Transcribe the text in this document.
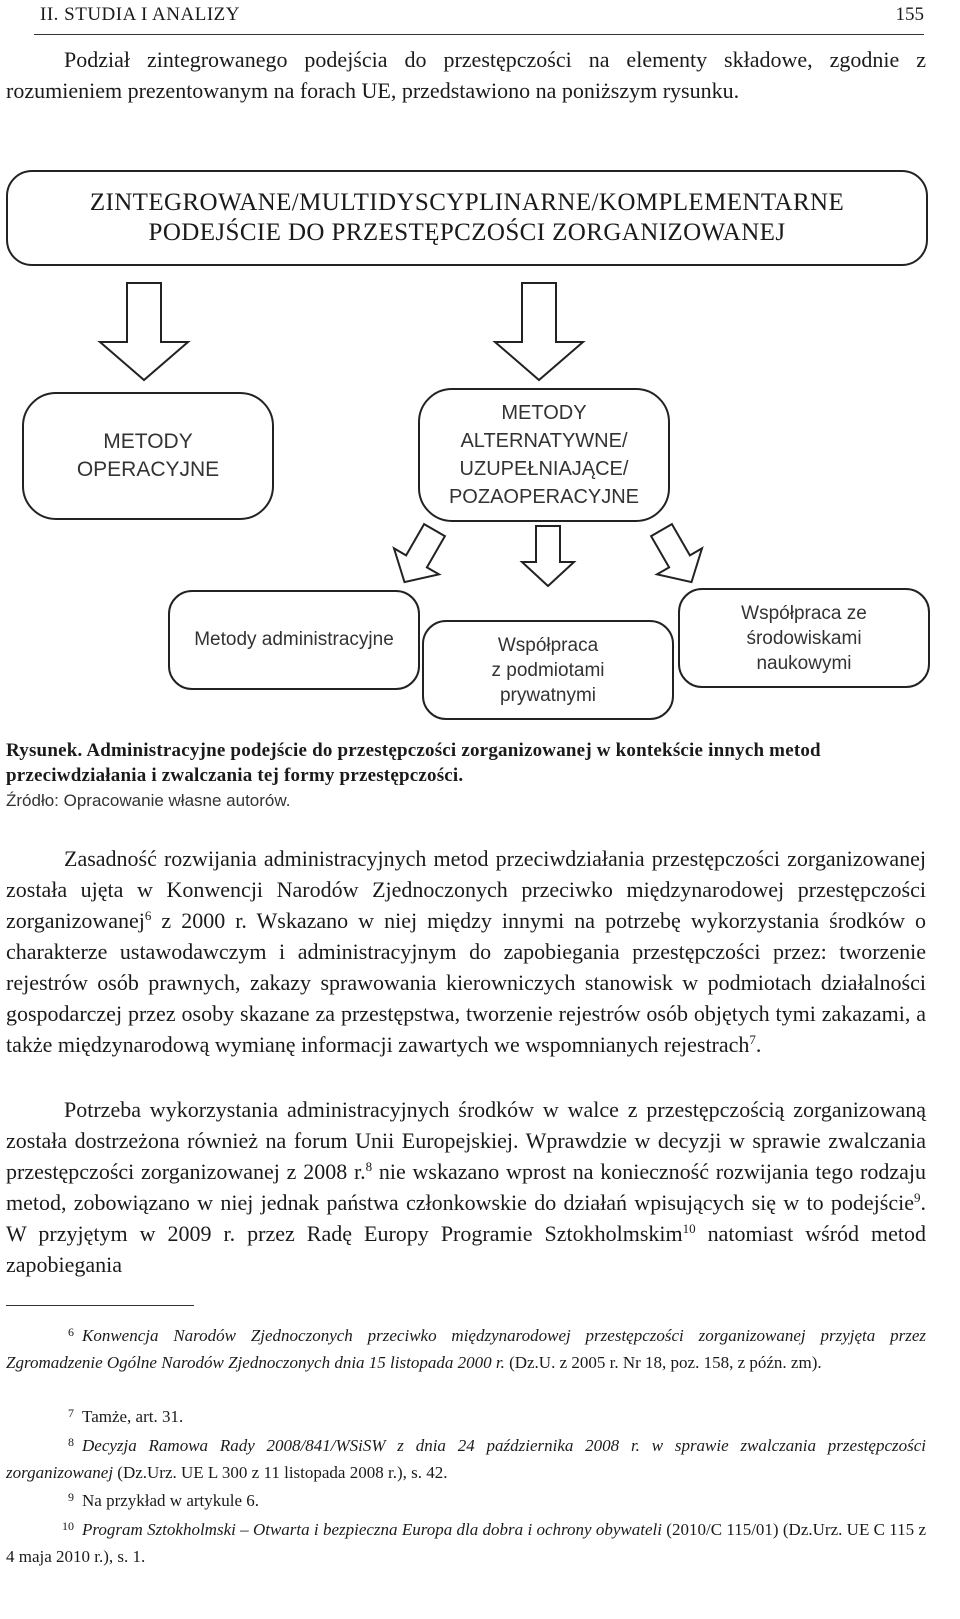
II. STUDIA I ANALIZY	155

Podział zintegrowanego podejścia do przestępczości na elementy składowe, zgodnie z rozumieniem prezentowanym na forach UE, przedstawiono na poniższym rysunku.

ZINTEGROWANE/MULTIDYSCYPLINARNE/KOMPLEMENTARNE
PODEJŚCIE DO PRZESTĘPCZOŚCI ZORGANIZOWANEJ
METODY
OPERACYJNE
METODY
ALTERNATYWNE/
UZUPEŁNIAJĄCE/
POZAOPERACYJNE
Metody administracyjne	Współpraca
z podmiotami
prywatnymi
Współpraca ze
środowiskami
naukowymi
Rysunek. Administracyjne podejście do przestępczości zorganizowanej w kontekście innych metod przeciwdziałania i zwalczania tej formy przestępczości.
Źródło: Opracowanie własne autorów.

Zasadność rozwijania administracyjnych metod przeciwdziałania przestępczości zorganizowanej została ujęta w Konwencji Narodów Zjednoczonych przeciwko międzynarodowej przestępczości zorganizowanej$^6$ z 2000 r. Wskazano w niej między innymi na potrzebę wykorzystania środków o charakterze ustawodawczym i administracyjnym do zapobiegania przestępczości przez: tworzenie rejestrów osób prawnych, zakazy sprawowania kierowniczych stanowisk w podmiotach działalności gospodarczej przez osoby skazane za przestępstwa, tworzenie rejestrów osób objętych tymi zakazami, a także międzynarodową wymianę informacji zawartych we wspomnianych rejestrach$^7$.

Potrzeba wykorzystania administracyjnych środków w walce z przestępczością zorganizowaną została dostrzeżona również na forum Unii Europejskiej. Wprawdzie w decyzji w sprawie zwalczania przestępczości zorganizowanej z 2008 r.$^8$ nie wskazano wprost na konieczność rozwijania tego rodzaju metod, zobowiązano w niej jednak państwa członkowskie do działań wpisujących się w to podejście$^9$. W przyjętym w 2009 r. przez Radę Europy Programie Sztokholmskim$^{10}$ natomiast wśród metod zapobiegania

6 Konwencja Narodów Zjednoczonych przeciwko międzynarodowej przestępczości zorganizowanej przyjęta przez Zgromadzenie Ogólne Narodów Zjednoczonych dnia 15 listopada 2000 r. (Dz.U. z 2005 r. Nr 18, poz. 158, z późn. zm).
7 Tamże, art. 31.
8 Decyzja Ramowa Rady 2008/841/WSiSW z dnia 24 października 2008 r. w sprawie zwalczania przestępczości zorganizowanej (Dz.Urz. UE L 300 z 11 listopada 2008 r.), s. 42.
9 Na przykład w artykule 6.
10 Program Sztokholmski – Otwarta i bezpieczna Europa dla dobra i ochrony obywateli (2010/C 115/01) (Dz.Urz. UE C 115 z 4 maja 2010 r.), s. 1.
